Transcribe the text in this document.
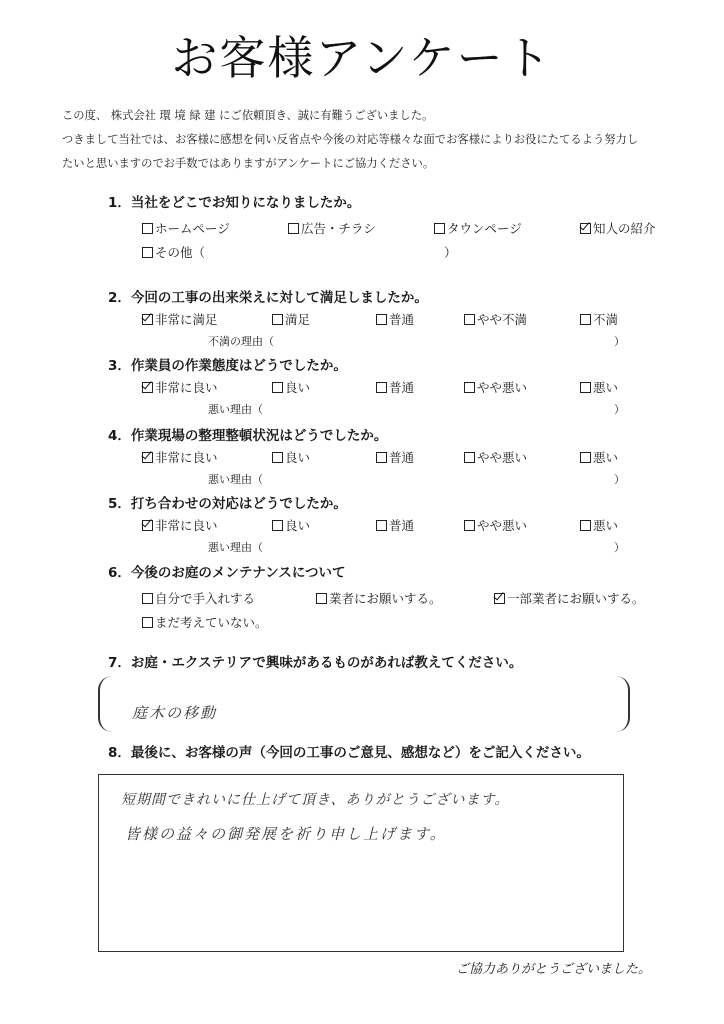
お客様アンケート
この度、 株式会社 環 境 緑 建 にご依頼頂き、誠に有難うございました。
つきまして当社では、お客様に感想を伺い反省点や今後の対応等様々な面でお客様によりお役にたてるよう努力し
たいと思いますのでお手数ではありますがアンケートにご協力ください。
1．当社をどこでお知りになりましたか。
ホームページ	広告・チラシ	タウンページ	知人の紹介
その他（	）
2．今回の工事の出来栄えに対して満足しましたか。
非常に満足	満足	普通	やや不満	不満
不満の理由（	）
3．作業員の作業態度はどうでしたか。
非常に良い	良い	普通	やや悪い	悪い
悪い理由（	）
4．作業現場の整理整頓状況はどうでしたか。
非常に良い	良い	普通	やや悪い	悪い
悪い理由（	）
5．打ち合わせの対応はどうでしたか。
非常に良い	良い	普通	やや悪い	悪い
悪い理由（	）
6．今後のお庭のメンテナンスについて
自分で手入れする	業者にお願いする。	一部業者にお願いする。
まだ考えていない。
7．お庭・エクステリアで興味があるものがあれば教えてください。
庭木の移動
8．最後に、お客様の声（今回の工事のご意見、感想など）をご記入ください。
短期間できれいに仕上げて頂き、ありがとうございます。
皆様の益々の御発展を祈り申し上げます。
ご協力ありがとうございました。
